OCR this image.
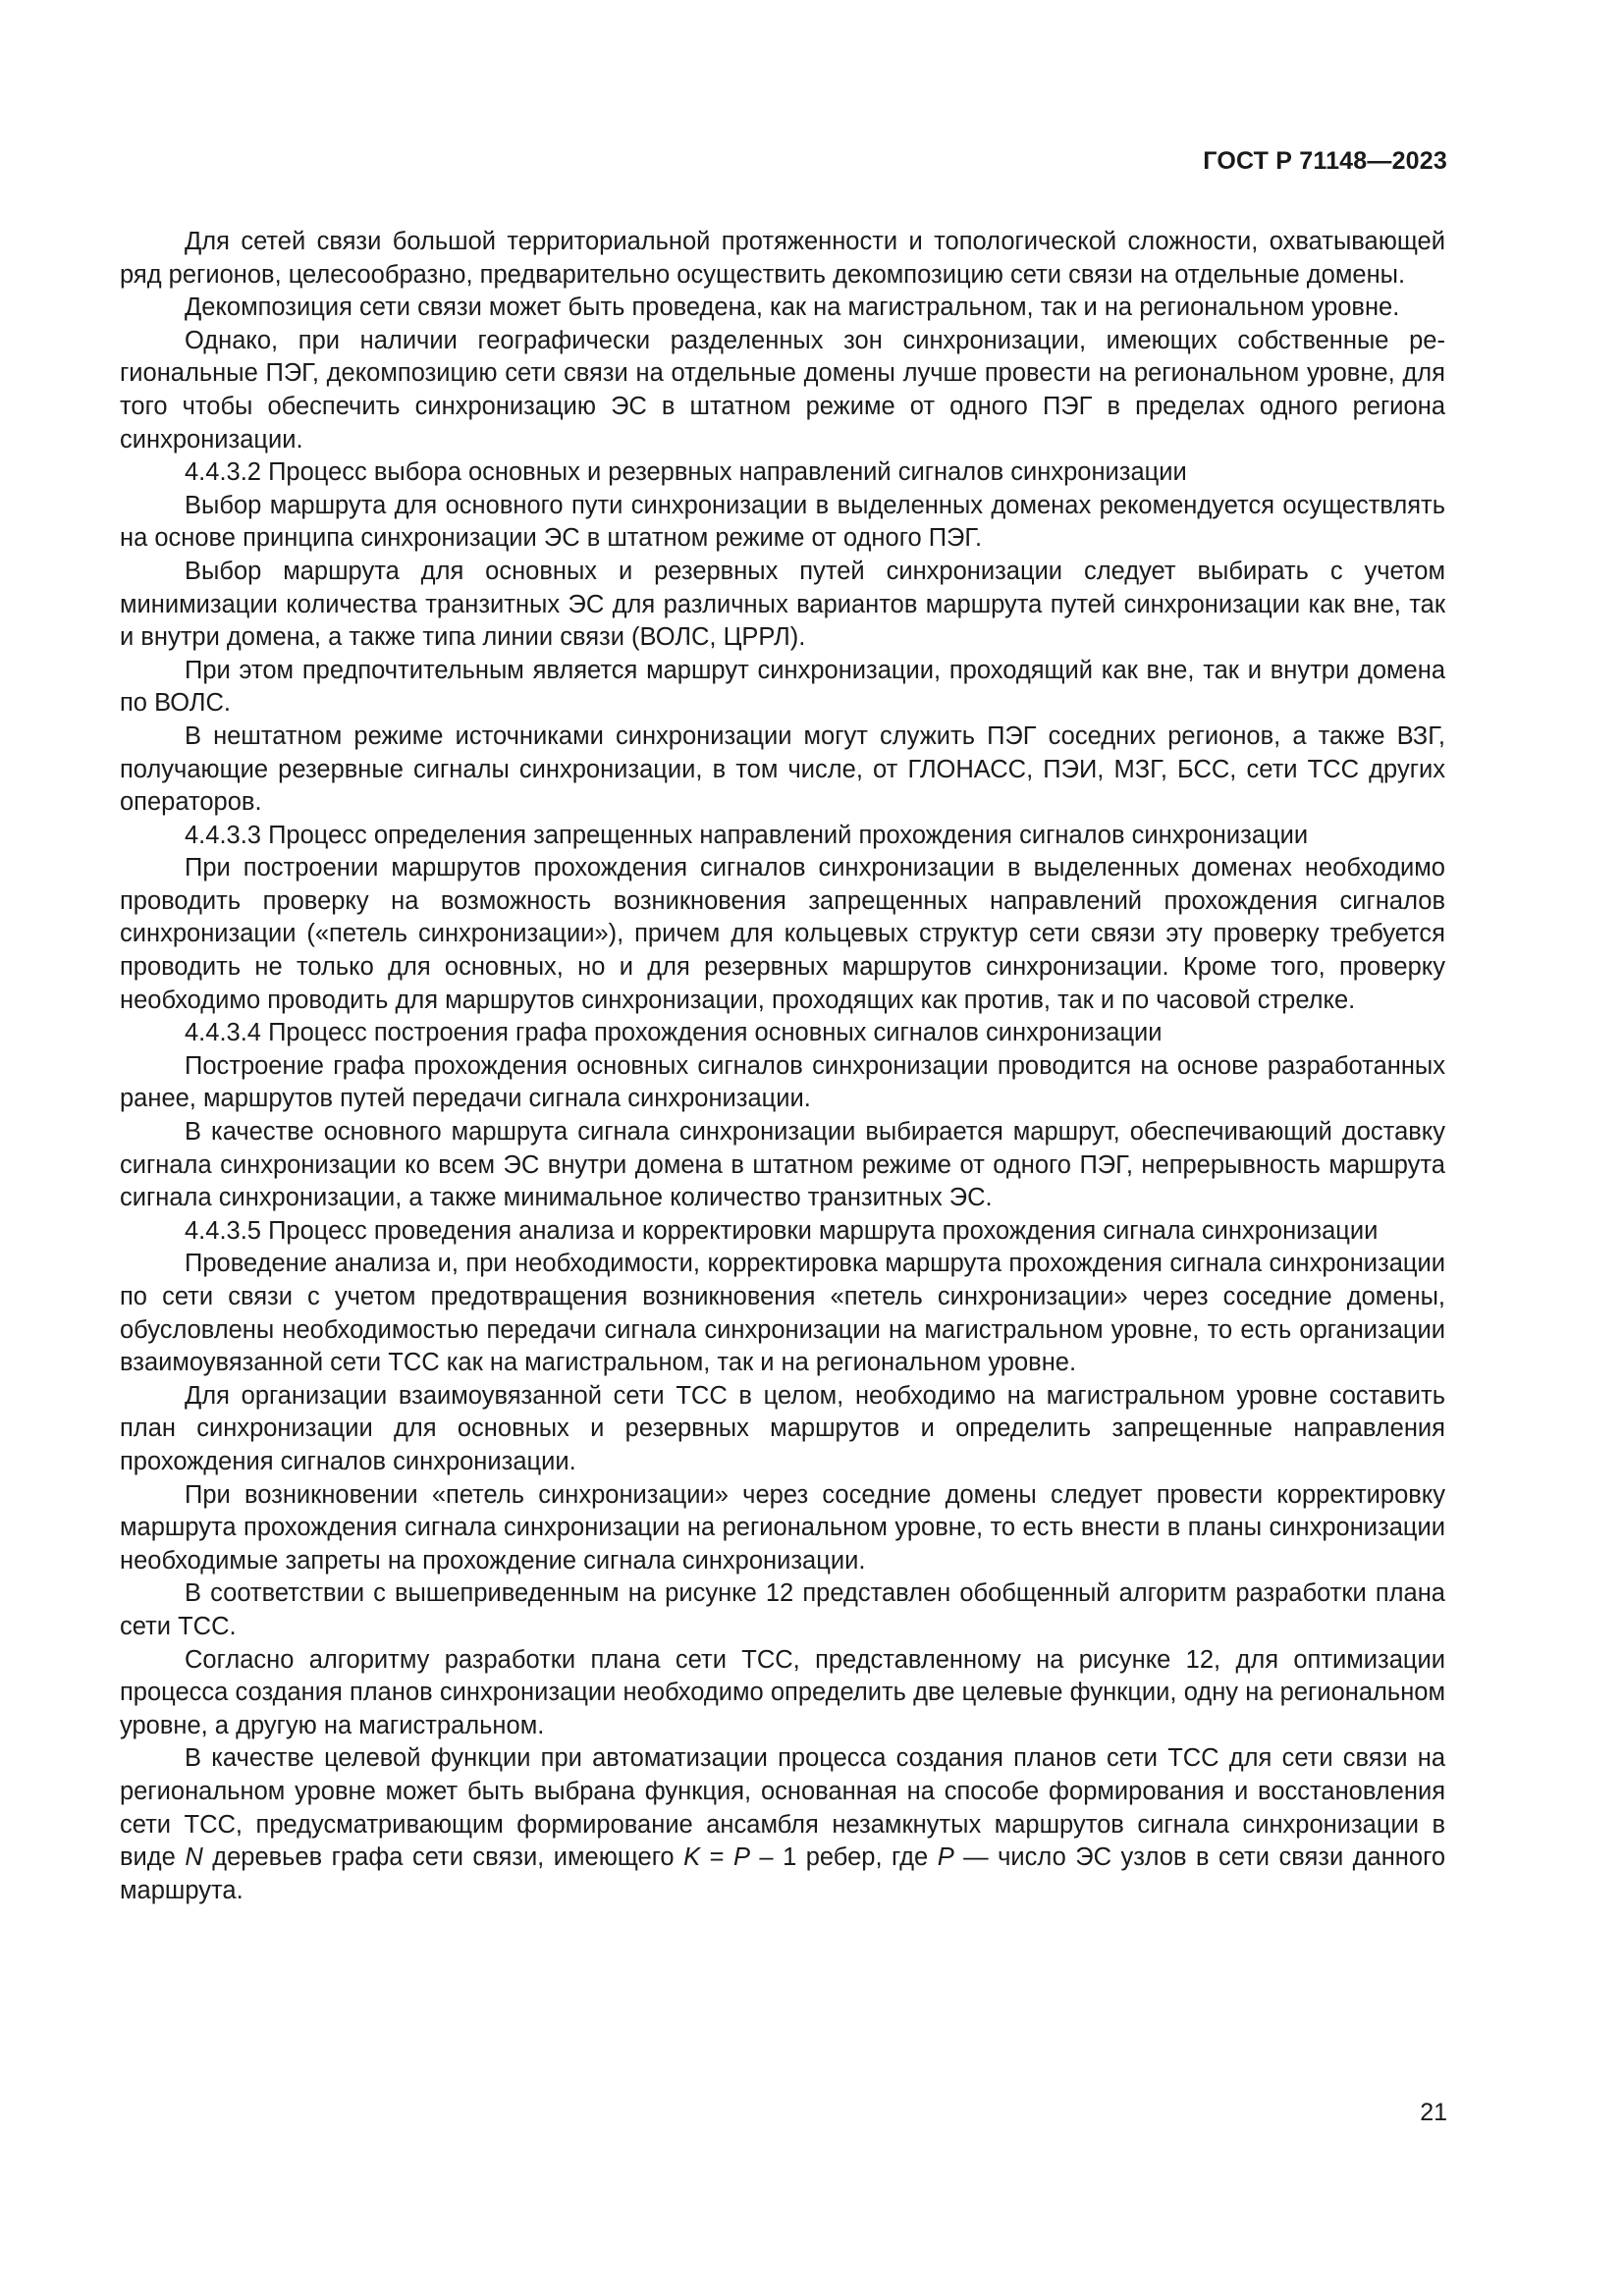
ГОСТ Р 71148—2023

Для сетей связи большой территориальной протяженности и топологической сложности, охватывающей ряд регионов, целесообразно, предварительно осуществить декомпозицию сети связи на отдельные домены.

Декомпозиция сети связи может быть проведена, как на магистральном, так и на региональном уровне.

Однако, при наличии географически разделенных зон синхронизации, имеющих собственные региональные ПЭГ, декомпозицию сети связи на отдельные домены лучше провести на региональном уровне, для того чтобы обеспечить синхронизацию ЭС в штатном режиме от одного ПЭГ в пределах одного региона синхронизации.

4.4.3.2 Процесс выбора основных и резервных направлений сигналов синхронизации

Выбор маршрута для основного пути синхронизации в выделенных доменах рекомендуется осуществлять на основе принципа синхронизации ЭС в штатном режиме от одного ПЭГ.

Выбор маршрута для основных и резервных путей синхронизации следует выбирать с учетом минимизации количества транзитных ЭС для различных вариантов маршрута путей синхронизации как вне, так и внутри домена, а также типа линии связи (ВОЛС, ЦРРЛ).

При этом предпочтительным является маршрут синхронизации, проходящий как вне, так и внутри домена по ВОЛС.

В нештатном режиме источниками синхронизации могут служить ПЭГ соседних регионов, а также ВЗГ, получающие резервные сигналы синхронизации, в том числе, от ГЛОНАСС, ПЭИ, МЗГ, БСС, сети ТСС других операторов.

4.4.3.3 Процесс определения запрещенных направлений прохождения сигналов синхронизации

При построении маршрутов прохождения сигналов синхронизации в выделенных доменах необходимо проводить проверку на возможность возникновения запрещенных направлений прохождения сигналов синхронизации («петель синхронизации»), причем для кольцевых структур сети связи эту проверку требуется проводить не только для основных, но и для резервных маршрутов синхронизации. Кроме того, проверку необходимо проводить для маршрутов синхронизации, проходящих как против, так и по часовой стрелке.

4.4.3.4 Процесс построения графа прохождения основных сигналов синхронизации

Построение графа прохождения основных сигналов синхронизации проводится на основе разработанных ранее, маршрутов путей передачи сигнала синхронизации.

В качестве основного маршрута сигнала синхронизации выбирается маршрут, обеспечивающий доставку сигнала синхронизации ко всем ЭС внутри домена в штатном режиме от одного ПЭГ, непрерывность маршрута сигнала синхронизации, а также минимальное количество транзитных ЭС.

4.4.3.5 Процесс проведения анализа и корректировки маршрута прохождения сигнала синхронизации

Проведение анализа и, при необходимости, корректировка маршрута прохождения сигнала синхронизации по сети связи с учетом предотвращения возникновения «петель синхронизации» через соседние домены, обусловлены необходимостью передачи сигнала синхронизации на магистральном уровне, то есть организации взаимоувязанной сети ТСС как на магистральном, так и на региональном уровне.

Для организации взаимоувязанной сети ТСС в целом, необходимо на магистральном уровне составить план синхронизации для основных и резервных маршрутов и определить запрещенные направления прохождения сигналов синхронизации.

При возникновении «петель синхронизации» через соседние домены следует провести корректировку маршрута прохождения сигнала синхронизации на региональном уровне, то есть внести в планы синхронизации необходимые запреты на прохождение сигнала синхронизации.

В соответствии с вышеприведенным на рисунке 12 представлен обобщенный алгоритм разработки плана сети ТСС.

Согласно алгоритму разработки плана сети ТСС, представленному на рисунке 12, для оптимизации процесса создания планов синхронизации необходимо определить две целевые функции, одну на региональном уровне, а другую на магистральном.

В качестве целевой функции при автоматизации процесса создания планов сети ТСС для сети связи на региональном уровне может быть выбрана функция, основанная на способе формирования и восстановления сети ТСС, предусматривающим формирование ансамбля незамкнутых маршрутов сигнала синхронизации в виде N деревьев графа сети связи, имеющего K = P – 1 ребер, где P — число ЭС узлов в сети связи данного маршрута.

21
